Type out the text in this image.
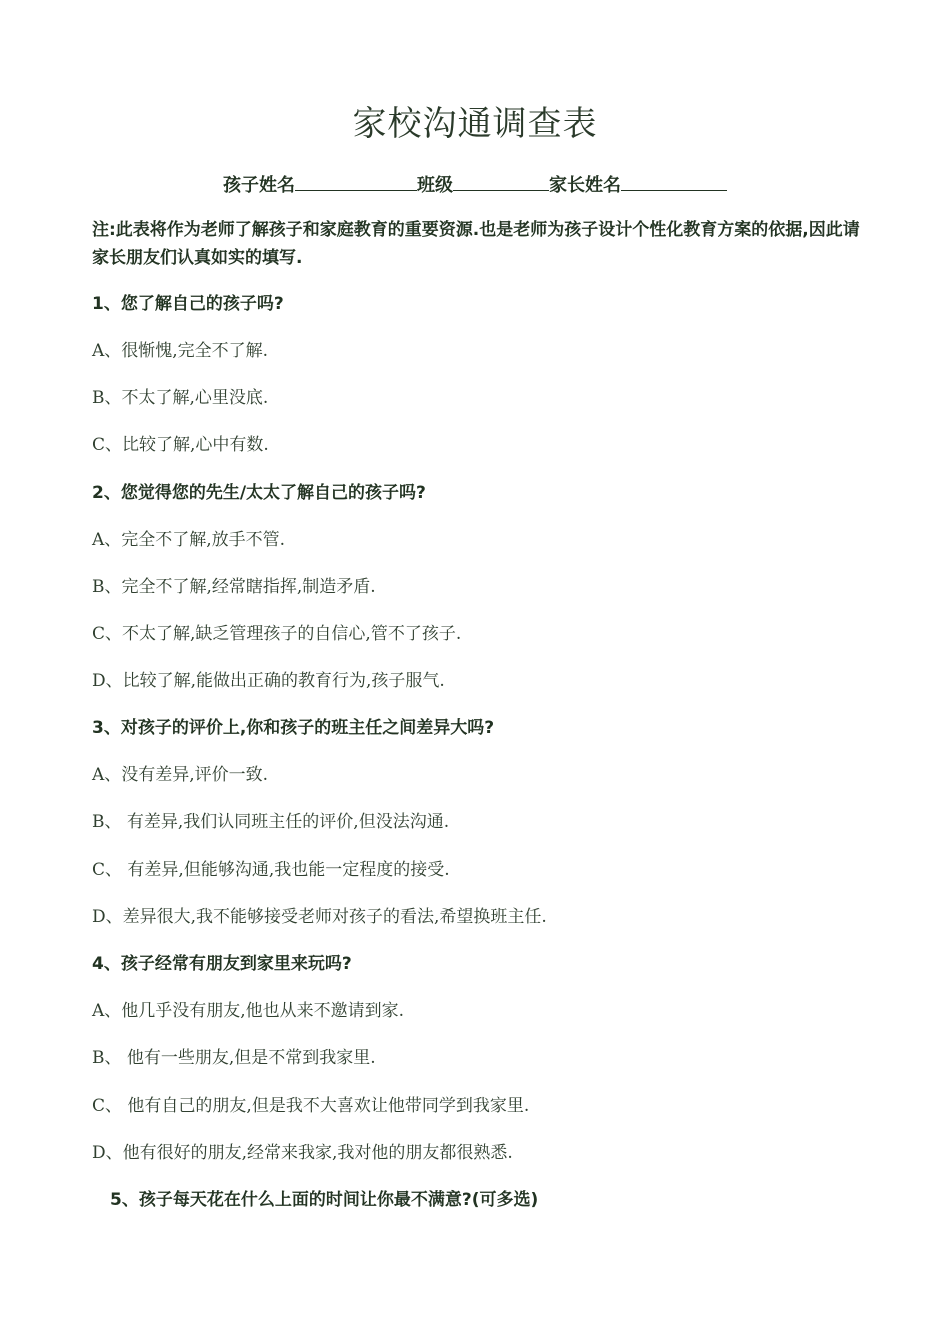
家校沟通调查表
孩子姓名	班级	家长姓名
注:此表将作为老师了解孩子和家庭教育的重要资源.也是老师为孩子设计个性化教育方案的依据,因此请家长朋友们认真如实的填写.
1、您了解自己的孩子吗?
A、很惭愧,完全不了解.
B、不太了解,心里没底.
C、比较了解,心中有数.
2、您觉得您的先生/太太了解自己的孩子吗?
A、完全不了解,放手不管.
B、完全不了解,经常瞎指挥,制造矛盾.
C、不太了解,缺乏管理孩子的自信心,管不了孩子.
D、比较了解,能做出正确的教育行为,孩子服气.
3、对孩子的评价上,你和孩子的班主任之间差异大吗?
A、没有差异,评价一致.
B、 有差异,我们认同班主任的评价,但没法沟通.
C、 有差异,但能够沟通,我也能一定程度的接受.
D、差异很大,我不能够接受老师对孩子的看法,希望换班主任.
4、孩子经常有朋友到家里来玩吗?
A、他几乎没有朋友,他也从来不邀请到家.
B、 他有一些朋友,但是不常到我家里.
C、 他有自己的朋友,但是我不大喜欢让他带同学到我家里.
D、他有很好的朋友,经常来我家,我对他的朋友都很熟悉.
5、孩子每天花在什么上面的时间让你最不满意?(可多选)
